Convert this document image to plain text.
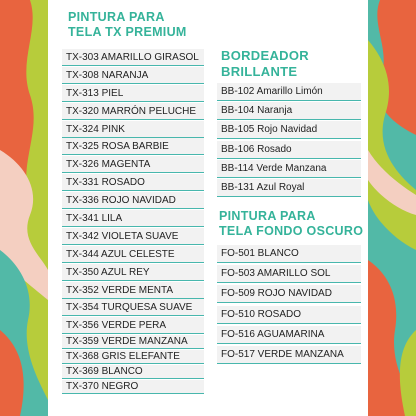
PINTURA PARA
TELA TX PREMIUM
TX-303 AMARILLO GIRASOL
TX-308 NARANJA
TX-313 PIEL
TX-320 MARRÓN PELUCHE
TX-324 PINK
TX-325 ROSA BARBIE
TX-326 MAGENTA
TX-331 ROSADO
TX-336 ROJO NAVIDAD
TX-341 LILA
TX-342 VIOLETA SUAVE
TX-344 AZUL CELESTE
TX-350 AZUL REY
TX-352 VERDE MENTA
TX-354 TURQUESA SUAVE
TX-356 VERDE PERA
TX-359 VERDE MANZANA
TX-368 GRIS ELEFANTE
TX-369 BLANCO
TX-370 NEGRO
BORDEADOR
BRILLANTE
BB-102 Amarillo Limón
BB-104 Naranja
BB-105 Rojo Navidad
BB-106 Rosado
BB-114 Verde Manzana
BB-131 Azul Royal
PINTURA PARA
TELA FONDO OSCURO
FO-501 BLANCO
FO-503 AMARILLO SOL
FO-509 ROJO NAVIDAD
FO-510 ROSADO
FO-516 AGUAMARINA
FO-517 VERDE MANZANA
